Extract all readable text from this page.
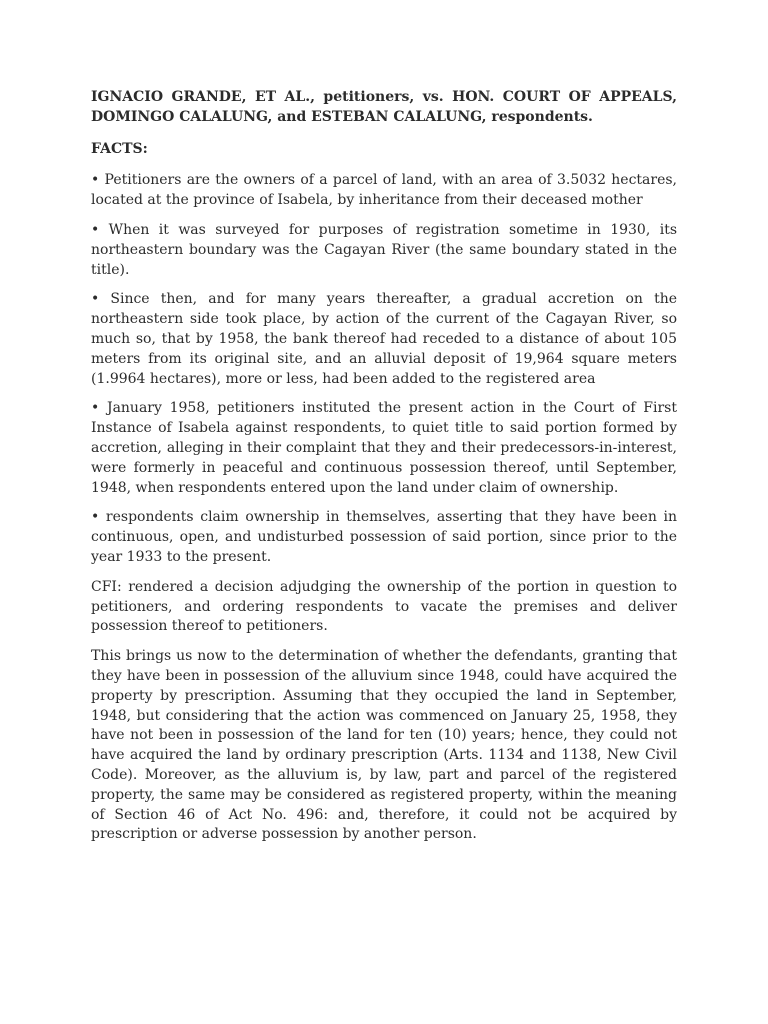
IGNACIO GRANDE, ET AL., petitioners, vs. HON. COURT OF APPEALS, DOMINGO CALALUNG, and ESTEBAN CALALUNG, respondents.

FACTS:

• Petitioners are the owners of a parcel of land, with an area of 3.5032 hectares, located at the province of Isabela, by inheritance from their deceased mother

• When it was surveyed for purposes of registration sometime in 1930, its northeastern boundary was the Cagayan River (the same boundary stated in the title).

• Since then, and for many years thereafter, a gradual accretion on the northeastern side took place, by action of the current of the Cagayan River, so much so, that by 1958, the bank thereof had receded to a distance of about 105 meters from its original site, and an alluvial deposit of 19,964 square meters (1.9964 hectares), more or less, had been added to the registered area

• January 1958, petitioners instituted the present action in the Court of First Instance of Isabela against respondents, to quiet title to said portion formed by accretion, alleging in their complaint that they and their predecessors-in-interest, were formerly in peaceful and continuous possession thereof, until September, 1948, when respondents entered upon the land under claim of ownership.

• respondents claim ownership in themselves, asserting that they have been in continuous, open, and undisturbed possession of said portion, since prior to the year 1933 to the present.

CFI: rendered a decision adjudging the ownership of the portion in question to petitioners, and ordering respondents to vacate the premises and deliver possession thereof to petitioners.

This brings us now to the determination of whether the defendants, granting that they have been in possession of the alluvium since 1948, could have acquired the property by prescription. Assuming that they occupied the land in September, 1948, but considering that the action was commenced on January 25, 1958, they have not been in possession of the land for ten (10) years; hence, they could not have acquired the land by ordinary prescription (Arts. 1134 and 1138, New Civil Code). Moreover, as the alluvium is, by law, part and parcel of the registered property, the same may be considered as registered property, within the meaning of Section 46 of Act No. 496: and, therefore, it could not be acquired by prescription or adverse possession by another person.
